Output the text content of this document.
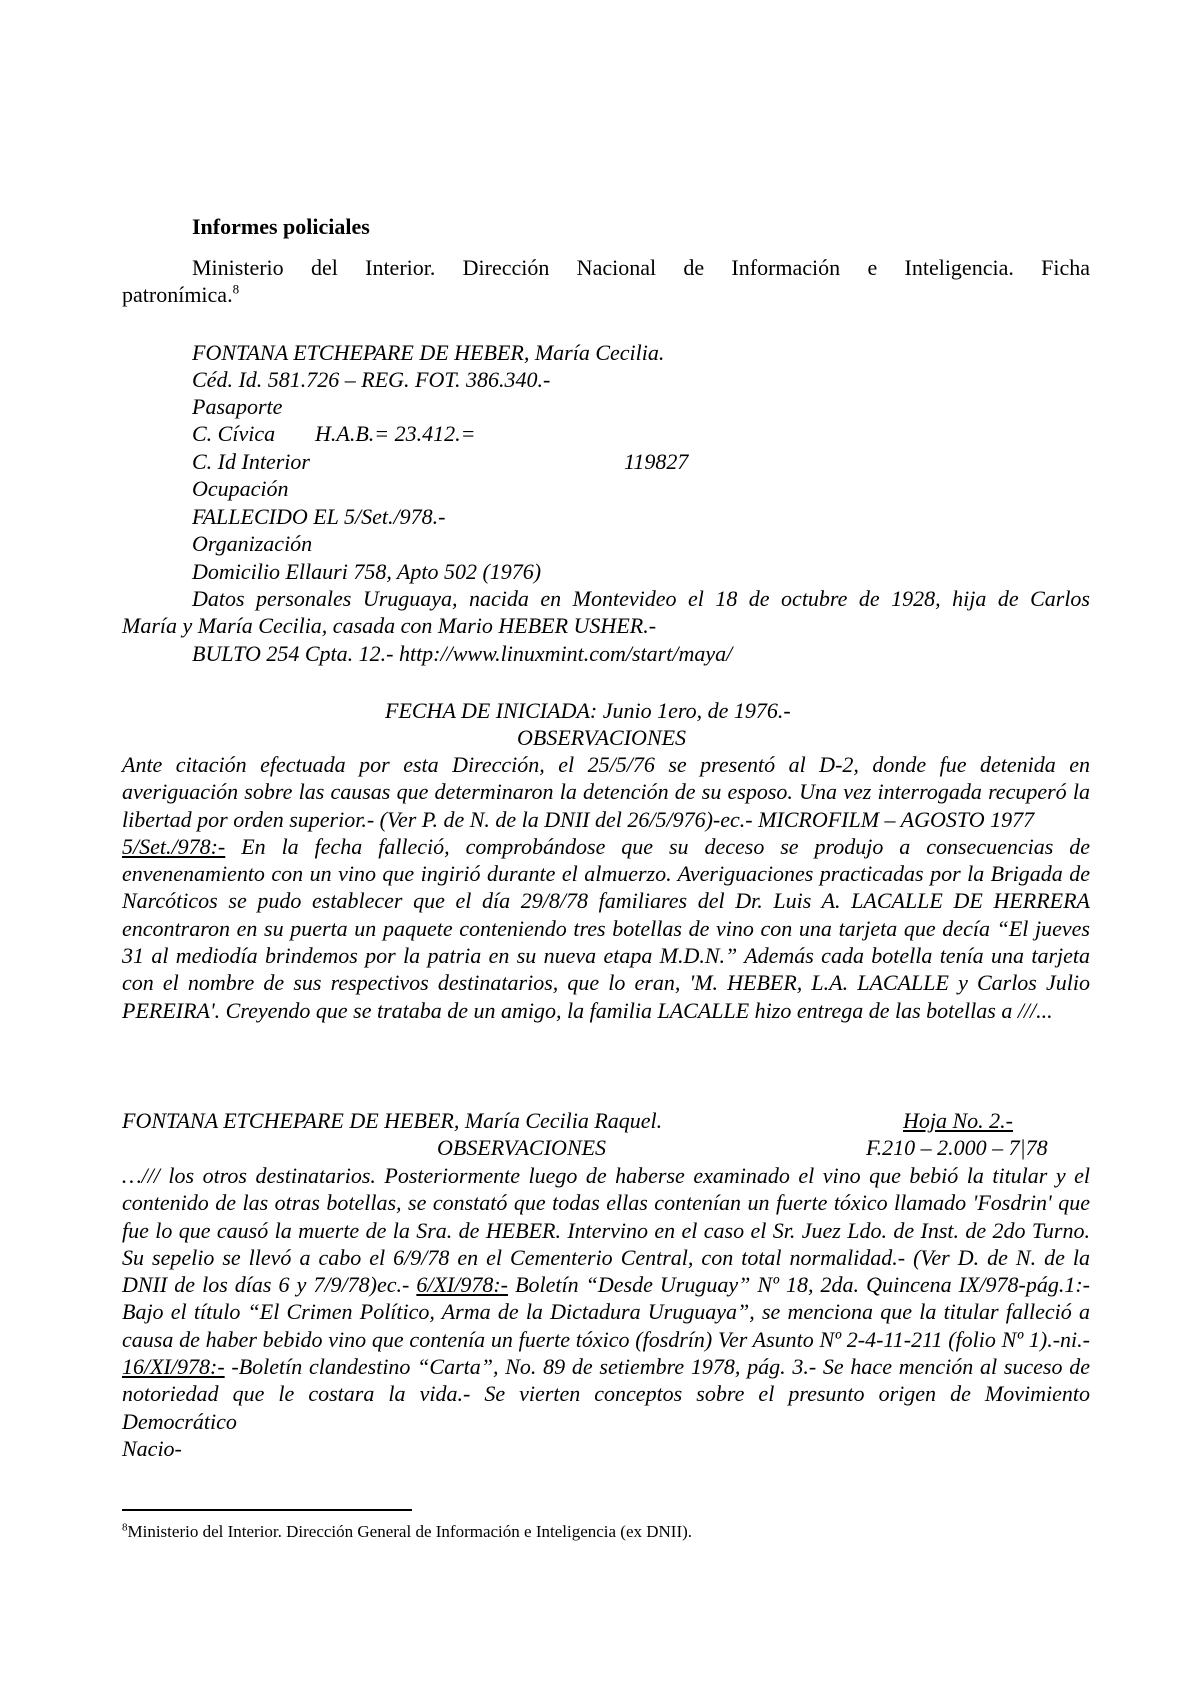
Informes policiales
Ministerio del Interior. Dirección Nacional de Información e Inteligencia. Ficha
patronímica.$^8$
FONTANA ETCHEPARE DE HEBER, María Cecilia.
Céd. Id. 581.726 – REG. FOT. 386.340.-
Pasaporte
C. Cívica H.A.B.= 23.412.=
C. Id Interior	119827
Ocupación
FALLECIDO EL 5/Set./978.-
Organización
Domicilio Ellauri 758, Apto 502 (1976)
Datos personales Uruguaya, nacida en Montevideo el 18 de octubre de 1928, hija de Carlos
María y María Cecilia, casada con Mario HEBER USHER.-
BULTO 254 Cpta. 12.- http://www.linuxmint.com/start/maya/
FECHA DE INICIADA: Junio 1ero, de 1976.-
OBSERVACIONES

Ante citación efectuada por esta Dirección, el 25/5/76 se presentó al D-2, donde fue detenida en averiguación sobre las causas que determinaron la detención de su esposo. Una vez interrogada recuperó la libertad por orden superior.- (Ver P. de N. de la DNII del 26/5/976)-ec.- MICROFILM – AGOSTO 1977

5/Set./978:- En la fecha falleció, comprobándose que su deceso se produjo a consecuencias de envenenamiento con un vino que ingirió durante el almuerzo. Averiguaciones practicadas por la Brigada de Narcóticos se pudo establecer que el día 29/8/78 familiares del Dr. Luis A. LACALLE DE HERRERA encontraron en su puerta un paquete conteniendo tres botellas de vino con una tarjeta que decía “El jueves 31 al mediodía brindemos por la patria en su nueva etapa M.D.N.” Además cada botella tenía una tarjeta con el nombre de sus respectivos destinatarios, que lo eran, 'M. HEBER, L.A. LACALLE y Carlos Julio PEREIRA'. Creyendo que se trataba de un amigo, la familia LACALLE hizo entrega de las botellas a ///...

FONTANA ETCHEPARE DE HEBER, María Cecilia Raquel.	Hoja No. 2.-
OBSERVACIONES	F.210 – 2.000 – 7|78

…/// los otros destinatarios. Posteriormente luego de haberse examinado el vino que bebió la titular y el contenido de las otras botellas, se constató que todas ellas contenían un fuerte tóxico llamado 'Fosdrin' que fue lo que causó la muerte de la Sra. de HEBER. Intervino en el caso el Sr. Juez Ldo. de Inst. de 2do Turno. Su sepelio se llevó a cabo el 6/9/78 en el Cementerio Central, con total normalidad.- (Ver D. de N. de la DNII de los días 6 y 7/9/78)ec.- 6/XI/978:- Boletín “Desde Uruguay” Nº 18, 2da. Quincena IX/978-pág.1:- Bajo el título “El Crimen Político, Arma de la Dictadura Uruguaya”, se menciona que la titular falleció a causa de haber bebido vino que contenía un fuerte tóxico (fosdrín) Ver Asunto Nº 2-4-11-211 (folio Nº 1).-ni.- 16/XI/978:- -Boletín clandestino “Carta”, No. 89 de setiembre 1978, pág. 3.- Se hace mención al suceso de notoriedad que le costara la vida.- Se vierten conceptos sobre el presunto origen de Movimiento Democrático

Nacio-

$^8$Ministerio del Interior. Dirección General de Información e Inteligencia (ex DNII).
